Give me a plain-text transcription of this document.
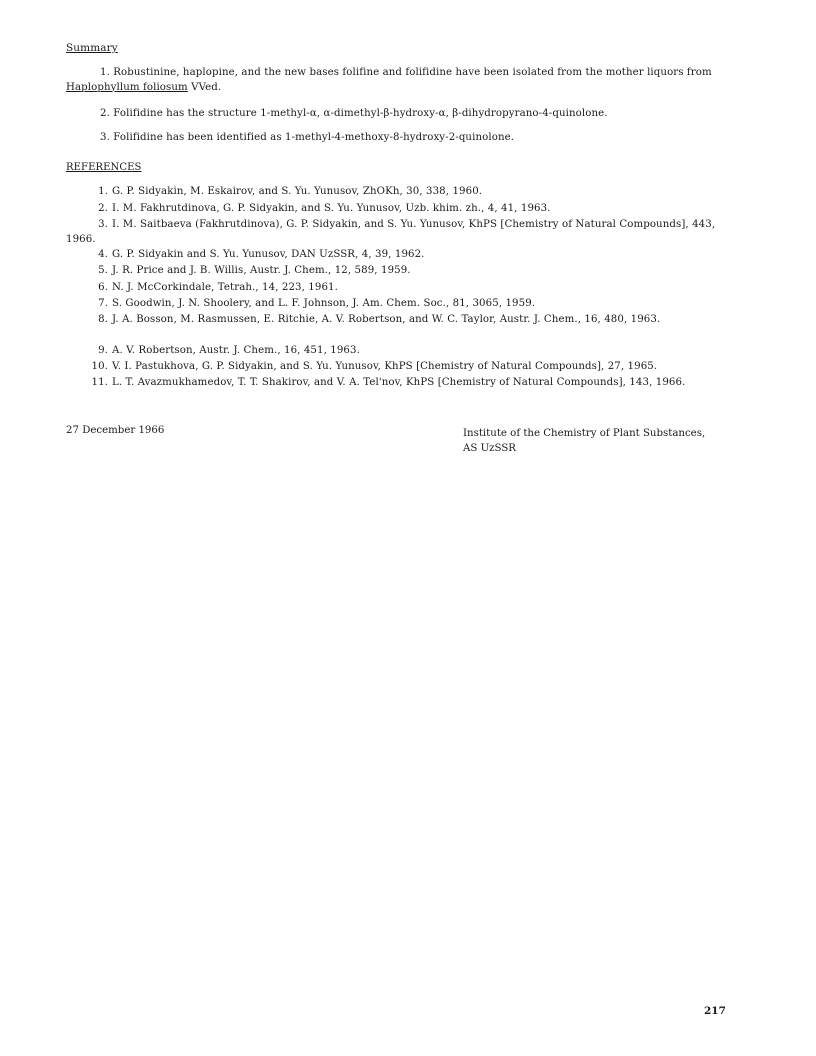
Summary
1. Robustinine, haplopine, and the new bases folifine and folifidine have been isolated from the mother liquors from Haplophyllum foliosum VVed.
2. Folifidine has the structure 1-methyl-α, α-dimethyl-β-hydroxy-α, β-dihydropyrano-4-quinolone.
3. Folifidine has been identified as 1-methyl-4-methoxy-8-hydroxy-2-quinolone.
REFERENCES
1. G. P. Sidyakin, M. Eskairov, and S. Yu. Yunusov, ZhOKh, 30, 338, 1960.
2. I. M. Fakhrutdinova, G. P. Sidyakin, and S. Yu. Yunusov, Uzb. khim. zh., 4, 41, 1963.
3. I. M. Saitbaeva (Fakhrutdinova), G. P. Sidyakin, and S. Yu. Yunusov, KhPS [Chemistry of Natural Compounds], 443, 1966.
4. G. P. Sidyakin and S. Yu. Yunusov, DAN UzSSR, 4, 39, 1962.
5. J. R. Price and J. B. Willis, Austr. J. Chem., 12, 589, 1959.
6. N. J. McCorkindale, Tetrah., 14, 223, 1961.
7. S. Goodwin, J. N. Shoolery, and L. F. Johnson, J. Am. Chem. Soc., 81, 3065, 1959.
8. J. A. Bosson, M. Rasmussen, E. Ritchie, A. V. Robertson, and W. C. Taylor, Austr. J. Chem., 16, 480, 1963.
9. A. V. Robertson, Austr. J. Chem., 16, 451, 1963.
10. V. I. Pastukhova, G. P. Sidyakin, and S. Yu. Yunusov, KhPS [Chemistry of Natural Compounds], 27, 1965.
11. L. T. Avazmukhamedov, T. T. Shakirov, and V. A. Tel'nov, KhPS [Chemistry of Natural Compounds], 143, 1966.
27 December 1966	Institute of the Chemistry of Plant Substances,
AS UzSSR
217
